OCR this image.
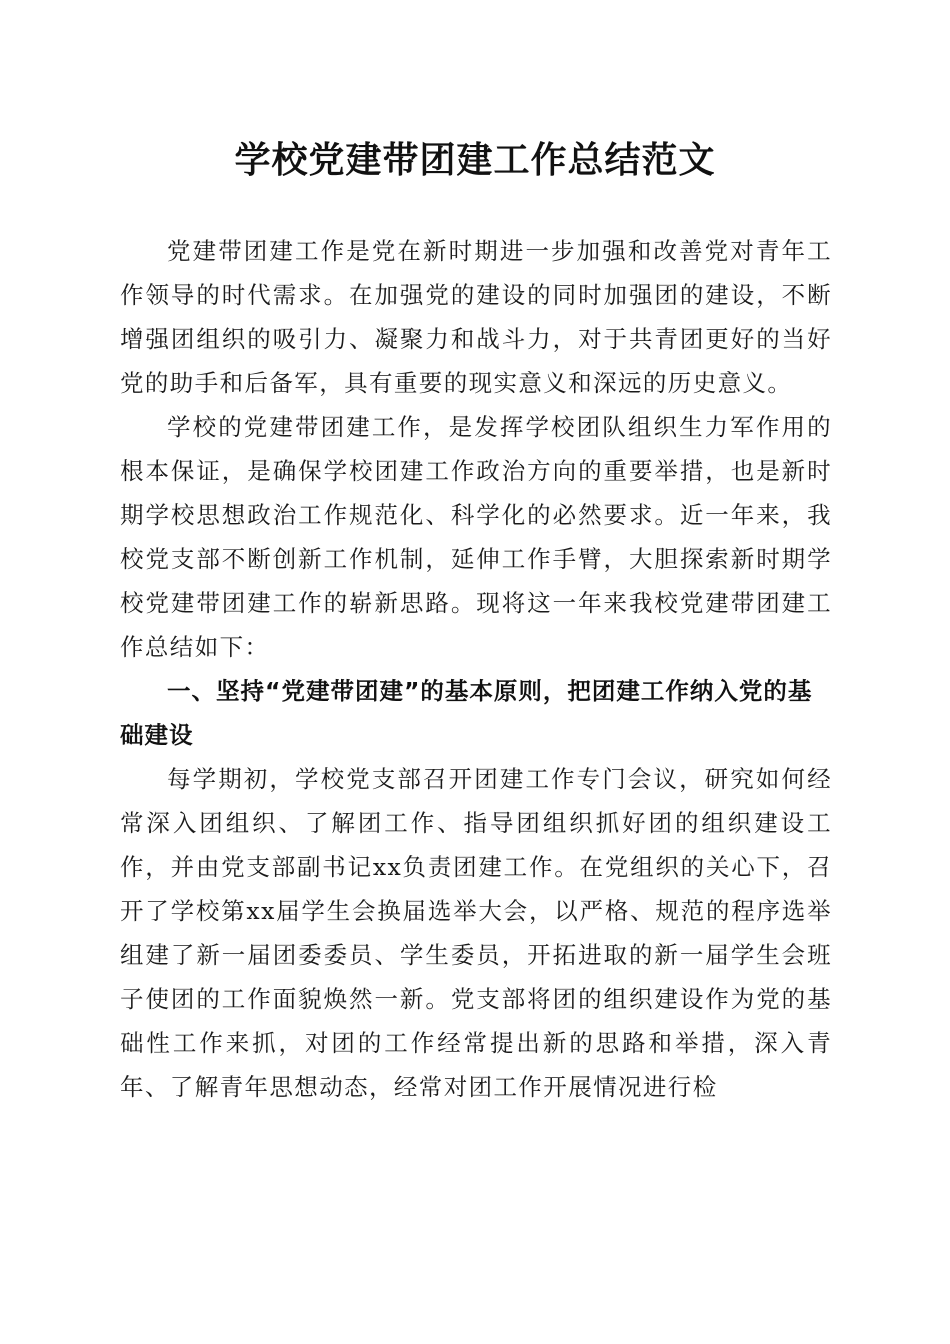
学校党建带团建工作总结范文

党建带团建工作是党在新时期进一步加强和改善党对青年工作领导的时代需求。在加强党的建设的同时加强团的建设，不断增强团组织的吸引力、凝聚力和战斗力，对于共青团更好的当好党的助手和后备军，具有重要的现实意义和深远的历史意义。

学校的党建带团建工作，是发挥学校团队组织生力军作用的根本保证，是确保学校团建工作政治方向的重要举措，也是新时期学校思想政治工作规范化、科学化的必然要求。近一年来，我校党支部不断创新工作机制，延伸工作手臂，大胆探索新时期学校党建带团建工作的崭新思路。现将这一年来我校党建带团建工作总结如下：

一、坚持“党建带团建”的基本原则，把团建工作纳入党的基础建设

每学期初，学校党支部召开团建工作专门会议，研究如何经常深入团组织、了解团工作、指导团组织抓好团的组织建设工作，并由党支部副书记xx负责团建工作。在党组织的关心下，召开了学校第xx届学生会换届选举大会，以严格、规范的程序选举组建了新一届团委委员、学生委员，开拓进取的新一届学生会班子使团的工作面貌焕然一新。党支部将团的组织建设作为党的基础性工作来抓，对团的工作经常提出新的思路和举措，深入青年、了解青年思想动态，经常对团工作开展情况进行检
